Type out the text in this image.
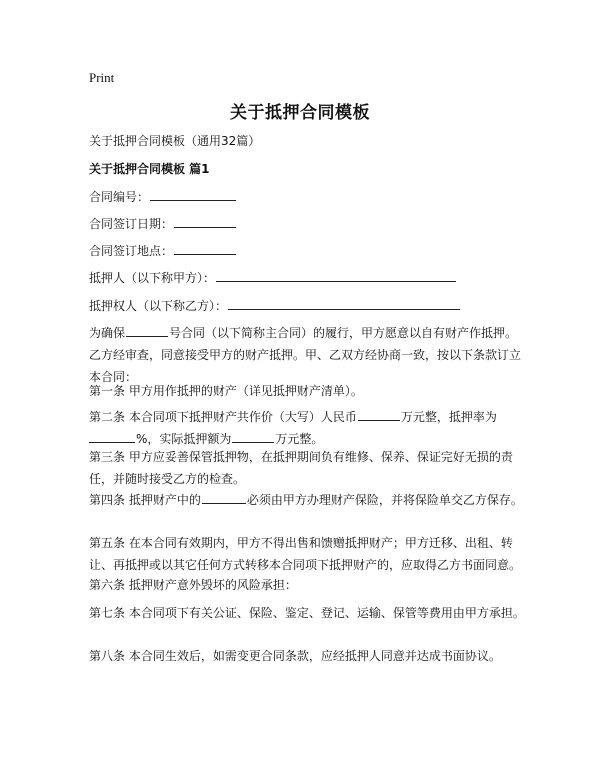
Print
关于抵押合同模板
关于抵押合同模板（通用32篇）
关于抵押合同模板 篇1
合同编号：
合同签订日期：
合同签订地点：
抵押人（以下称甲方）：
抵押权人（以下称乙方）：
为确保	号合同（以下简称主合同）的履行，甲方愿意以自有财产作抵押。乙方经审查，同意接受甲方的财产抵押。甲、乙双方经协商一致，按以下条款订立本合同：
第一条 甲方用作抵押的财产（详见抵押财产清单）。
第二条 本合同项下抵押财产共作价（大写）人民币	万元整，抵押率为
%，实际抵押额为	万元整。
第三条 甲方应妥善保管抵押物，在抵押期间负有维修、保养、保证完好无损的责任，并随时接受乙方的检查。
第四条 抵押财产中的	必须由甲方办理财产保险，并将保险单交乙方保存。
第五条 在本合同有效期内，甲方不得出售和馈赠抵押财产；甲方迁移、出租、转让、再抵押或以其它任何方式转移本合同项下抵押财产的，应取得乙方书面同意。
第六条 抵押财产意外毁坏的风险承担：
第七条 本合同项下有关公证、保险、鉴定、登记、运输、保管等费用由甲方承担。
第八条 本合同生效后，如需变更合同条款，应经抵押人同意并达成书面协议。
